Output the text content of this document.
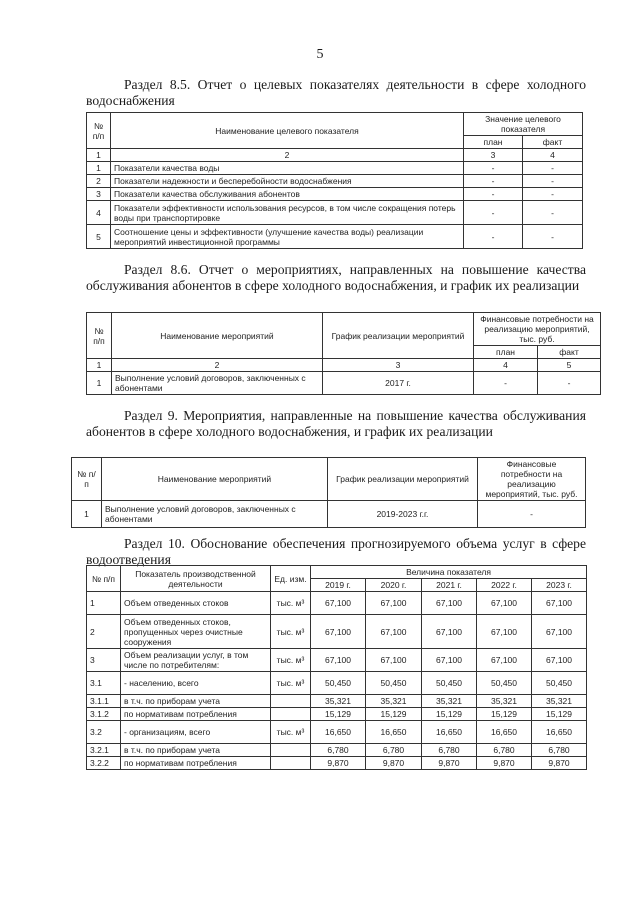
5

Раздел 8.5. Отчет о целевых показателях деятельности в сфере холодного водоснабжения

№ п/п	Наименование целевого показателя	Значение целевого показателя	
		план	факт
1	2	3	4
1	Показатели качества воды	-	-
2	Показатели надежности и бесперебойности водоснабжения	-	-
3	Показатели качества обслуживания абонентов	-	-
4	Показатели эффективности использования ресурсов, в том числе сокращения потерь воды при транспортировке	-	-
5	Соотношение цены и эффективности (улучшение качества воды) реализации мероприятий инвестиционной программы	-	-

Раздел 8.6. Отчет о мероприятиях, направленных на повышение качества обслуживания абонентов в сфере холодного водоснабжения, и график их реализации

№ п/п	Наименование мероприятий	График реализации мероприятий	Финансовые потребности на реализацию мероприятий, тыс. руб.	
			план	факт
1	2	3	4	5
1	Выполнение условий договоров, заключенных с абонентами	2017 г.	-	-

Раздел 9. Мероприятия, направленные на повышение качества обслуживания абонентов в сфере холодного водоснабжения, и график их реализации

№ п/п	Наименование мероприятий	График реализации мероприятий	Финансовые потребности на реализацию мероприятий, тыс. руб.
1	Выполнение условий договоров, заключенных с абонентами	2019-2023 г.г.	-

Раздел 10. Обоснование обеспечения прогнозируемого объема услуг в сфере водоотведения

№ п/п	Показатель производственной деятельности	Ед. изм.	Величина показателя				
			2019 г.	2020 г.	2021 г.	2022 г.	2023 г.
1	Объем отведенных стоков	тыс. м³	67,100	67,100	67,100	67,100	67,100
2	Объем отведенных стоков, пропущенных через очистные сооружения	тыс. м³	67,100	67,100	67,100	67,100	67,100
3	Объем реализации услуг, в том числе по потребителям:	тыс. м³	67,100	67,100	67,100	67,100	67,100
3.1	- населению, всего	тыс. м³	50,450	50,450	50,450	50,450	50,450
3.1.1	в т.ч. по приборам учета		35,321	35,321	35,321	35,321	35,321
3.1.2	по нормативам потребления		15,129	15,129	15,129	15,129	15,129
3.2	- организациям, всего	тыс. м³	16,650	16,650	16,650	16,650	16,650
3.2.1	в т.ч. по приборам учета		6,780	6,780	6,780	6,780	6,780
3.2.2	по нормативам потребления		9,870	9,870	9,870	9,870	9,870
